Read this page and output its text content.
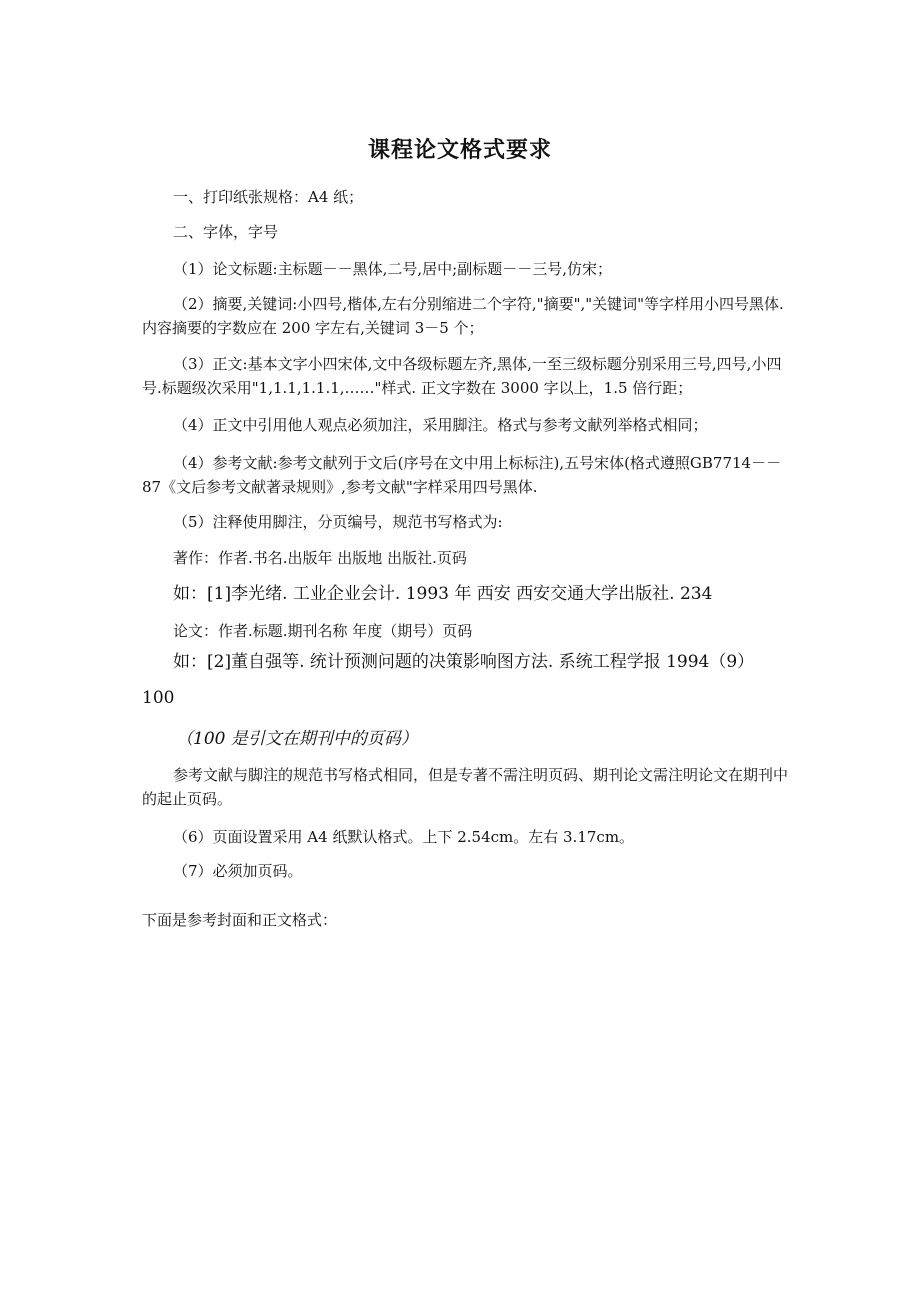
课程论文格式要求
一、打印纸张规格：A4 纸；
二、字体，字号
（1）论文标题:主标题－－黑体,二号,居中;副标题－－三号,仿宋；
（2）摘要,关键词:小四号,楷体,左右分别缩进二个字符,"摘要","关键词"等字样用小四号黑体. 内容摘要的字数应在 200 字左右,关键词 3－5 个；
（3）正文:基本文字小四宋体,文中各级标题左齐,黑体,一至三级标题分别采用三号,四号,小四号.标题级次采用"1,1.1,1.1.1,……"样式. 正文字数在 3000 字以上，1.5 倍行距；
（4）正文中引用他人观点必须加注，采用脚注。格式与参考文献列举格式相同；
（4）参考文献:参考文献列于文后(序号在文中用上标标注),五号宋体(格式遵照GB7714－－87《文后参考文献著录规则》,参考文献"字样采用四号黑体.
（5）注释使用脚注，分页编号，规范书写格式为:
著作：作者.书名.出版年 出版地 出版社.页码
如：[1]李光绪. 工业企业会计. 1993 年 西安 西安交通大学出版社. 234
论文：作者.标题.期刊名称 年度（期号）页码
如：[2]董自强等. 统计预测问题的决策影响图方法. 系统工程学报 1994（9）
100
（100 是引文在期刊中的页码）
参考文献与脚注的规范书写格式相同，但是专著不需注明页码、期刊论文需注明论文在期刊中的起止页码。
（6）页面设置采用 A4 纸默认格式。上下 2.54cm。左右 3.17cm。
（7）必须加页码。
下面是参考封面和正文格式：
